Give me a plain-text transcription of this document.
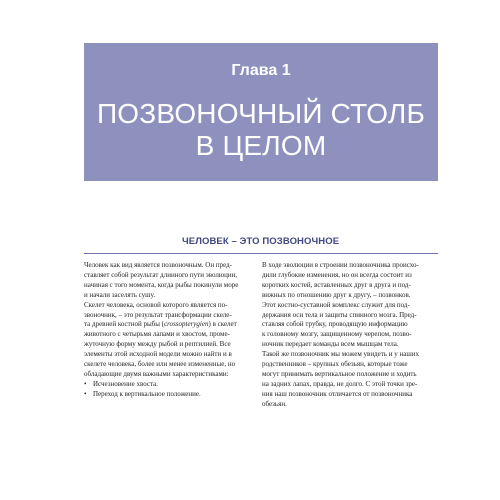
Глава 1
ПОЗВОНОЧНЫЙ СТОЛБ
В ЦЕЛОМ
ЧЕЛОВЕК – ЭТО ПОЗВОНОЧНОЕ

Человек как вид является позвоночным. Он пред-

ставляет собой результат длинного пути эволюции,

начиная с того момента, когда рыбы покинули море

и начали заселять сушу.

Скелет человека, основой которого является по-

звоночник, – это результат трансформации скеле-

та древней костной рыбы (crossopterygien) в скелет

животного с четырьмя лапами и хвостом, проме-

жуточную форму между рыбой и рептилией. Все

элементы этой исходной модели можно найти и в

скелете человека, более или менее измененные, но

обладающие двумя важными характеристиками:

• Исчезновение хвоста.
• Переход к вертикальное положение.

В ходе эволюции в строении позвоночника происхо-

дили глубокие изменения, но он всегда состоит из

коротких костей, вставленных друг в друга и под-

вижных по отношению друг к другу, – позвонков.

Этот костно-суставной комплекс служит для под-

держания оси тела и защиты спинного мозга. Пред-

ставляя собой трубку, проводящую информацию

к головному мозгу, защищенному черепом, позво-

ночник передает команды всем мышцам тела.

Такой же позвоночник мы можем увидеть и у наших

родственников – крупных обезьян, которые тоже

могут принимать вертикальное положение и ходить

на задних лапах, правда, не долго. С этой точки зре-

ния наш позвоночник отличается от позвоночника

обезьян.
